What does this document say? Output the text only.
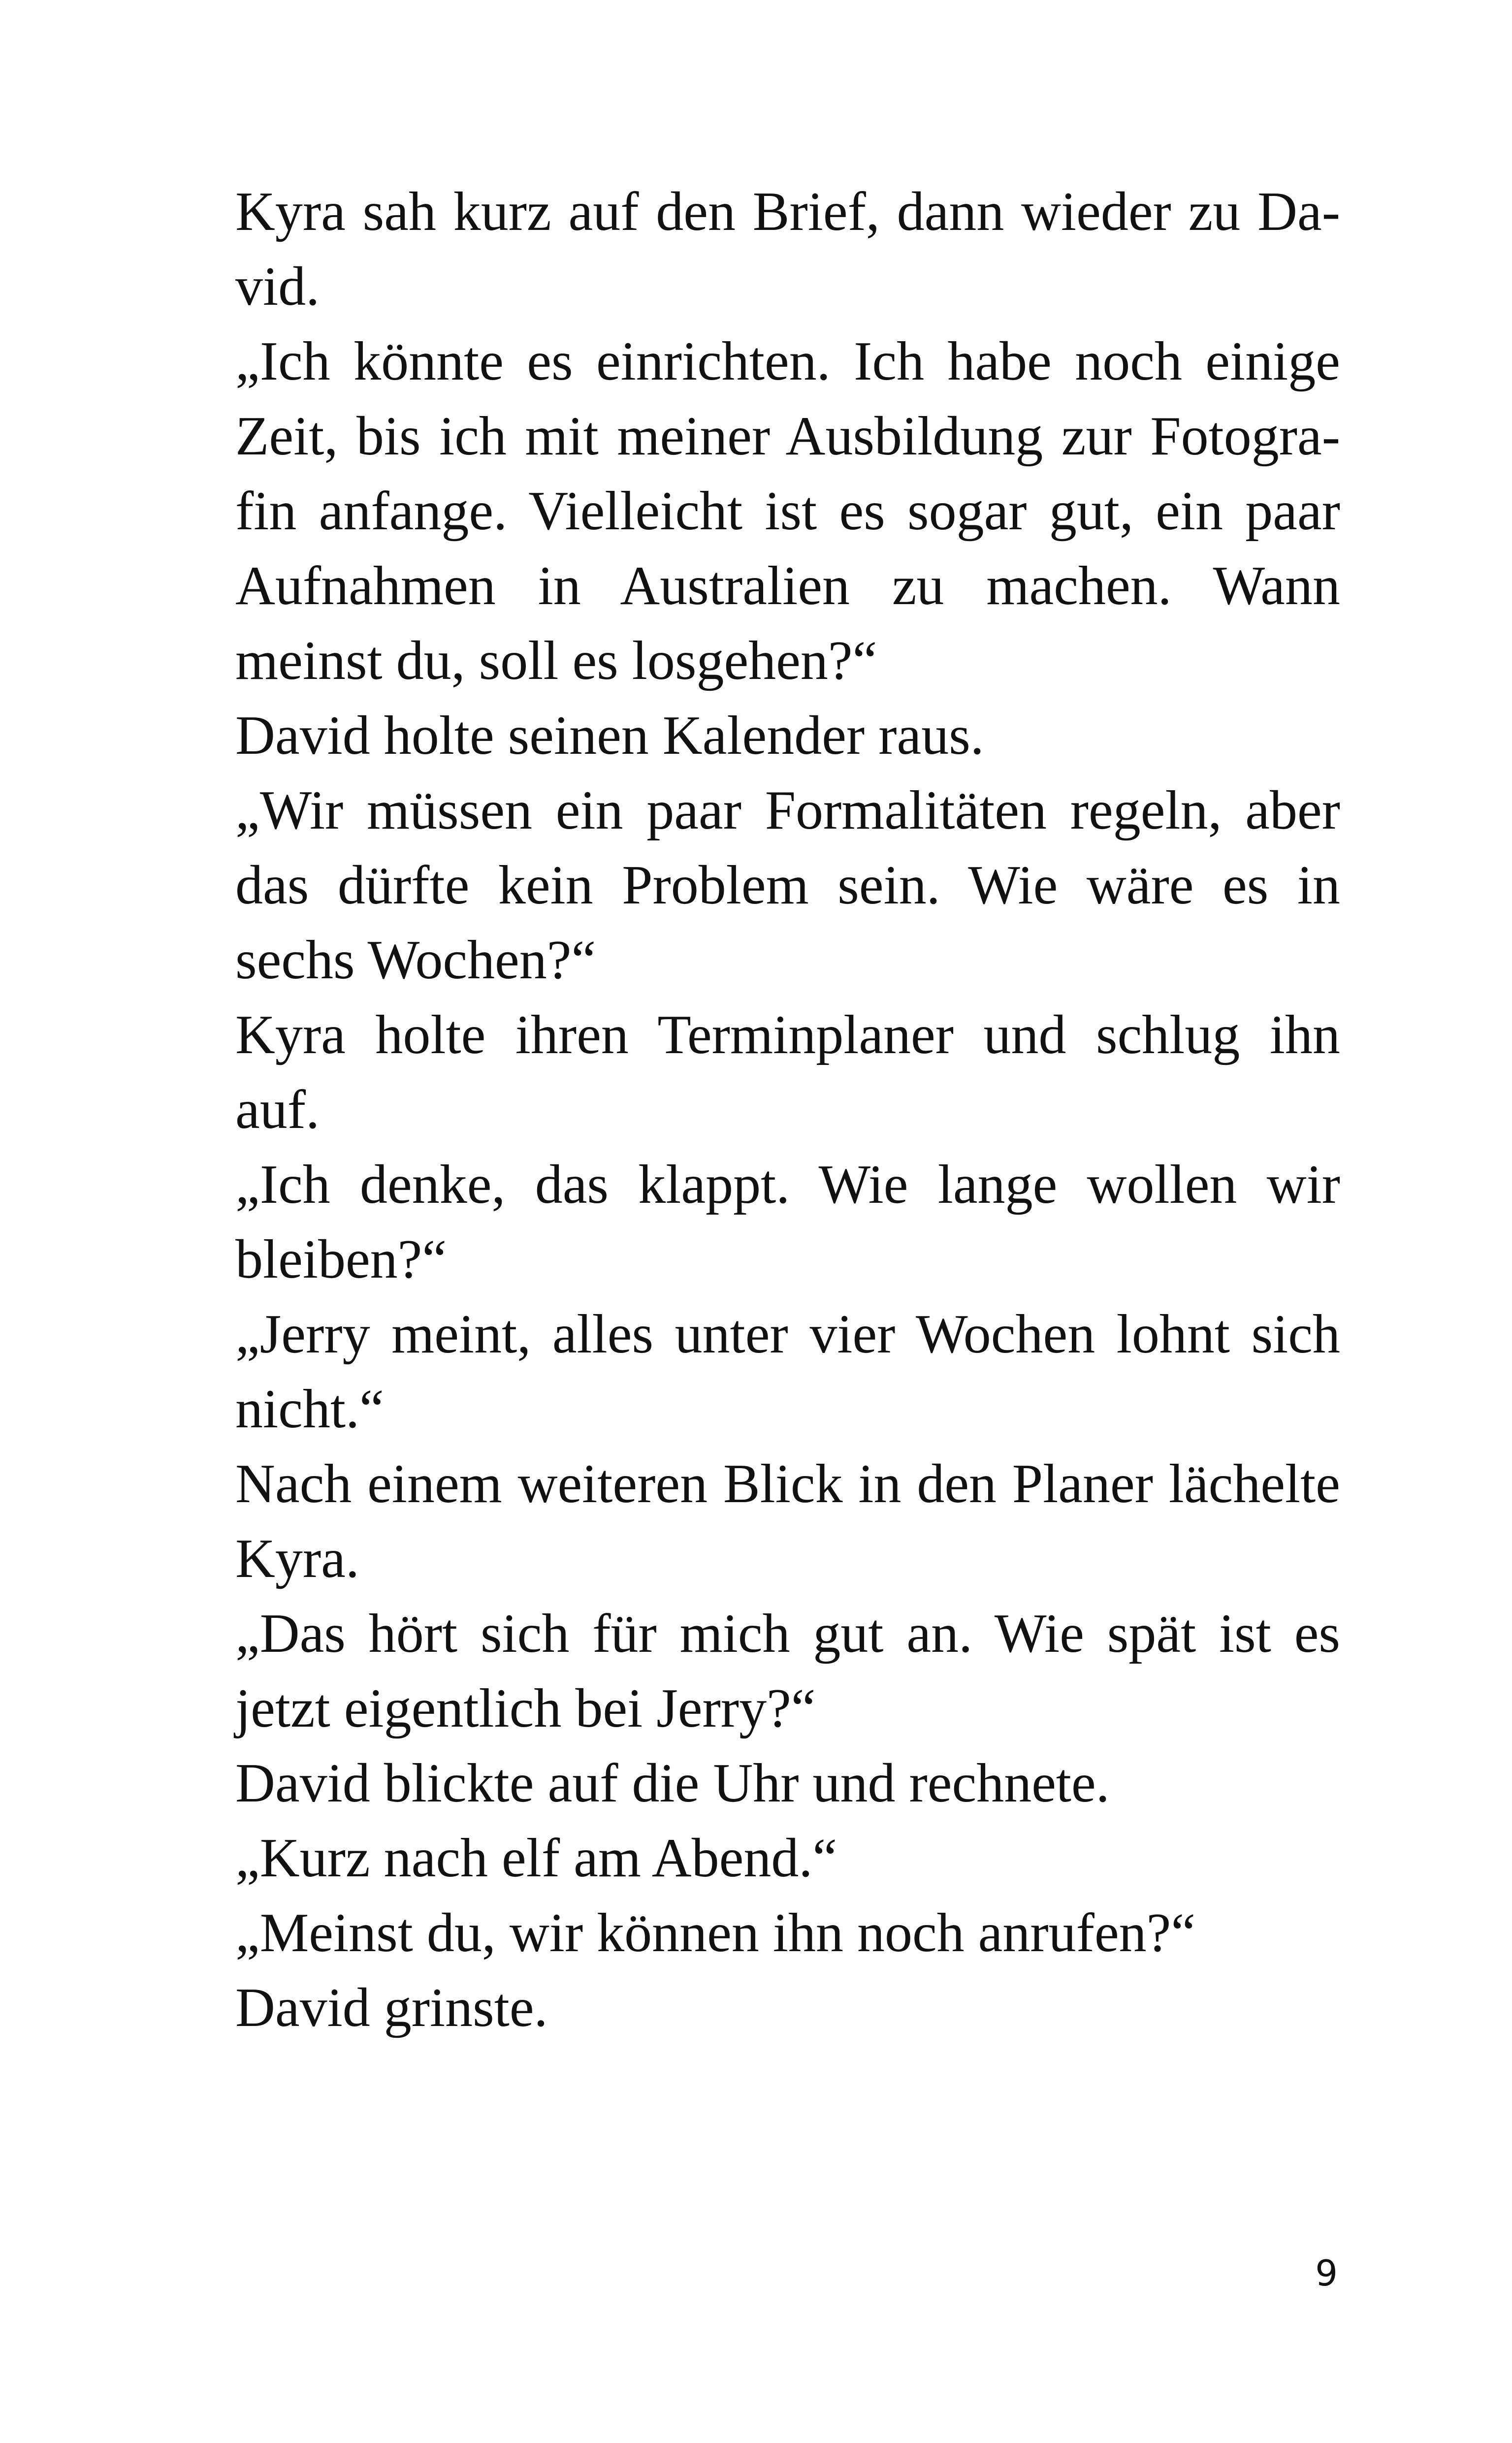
Kyra sah kurz auf den Brief, dann wieder zu Da-
vid.
„Ich könnte es einrichten. Ich habe noch einige
Zeit, bis ich mit meiner Ausbildung zur Fotogra-
fin anfange. Vielleicht ist es sogar gut, ein paar
Aufnahmen in Australien zu machen. Wann
meinst du, soll es losgehen?“
David holte seinen Kalender raus.
„Wir müssen ein paar Formalitäten regeln, aber
das dürfte kein Problem sein. Wie wäre es in
sechs Wochen?“
Kyra holte ihren Terminplaner und schlug ihn
auf.
„Ich denke, das klappt. Wie lange wollen wir
bleiben?“
„Jerry meint, alles unter vier Wochen lohnt sich
nicht.“
Nach einem weiteren Blick in den Planer lächelte
Kyra.
„Das hört sich für mich gut an. Wie spät ist es
jetzt eigentlich bei Jerry?“
David blickte auf die Uhr und rechnete.
„Kurz nach elf am Abend.“
„Meinst du, wir können ihn noch anrufen?“
David grinste.
9
